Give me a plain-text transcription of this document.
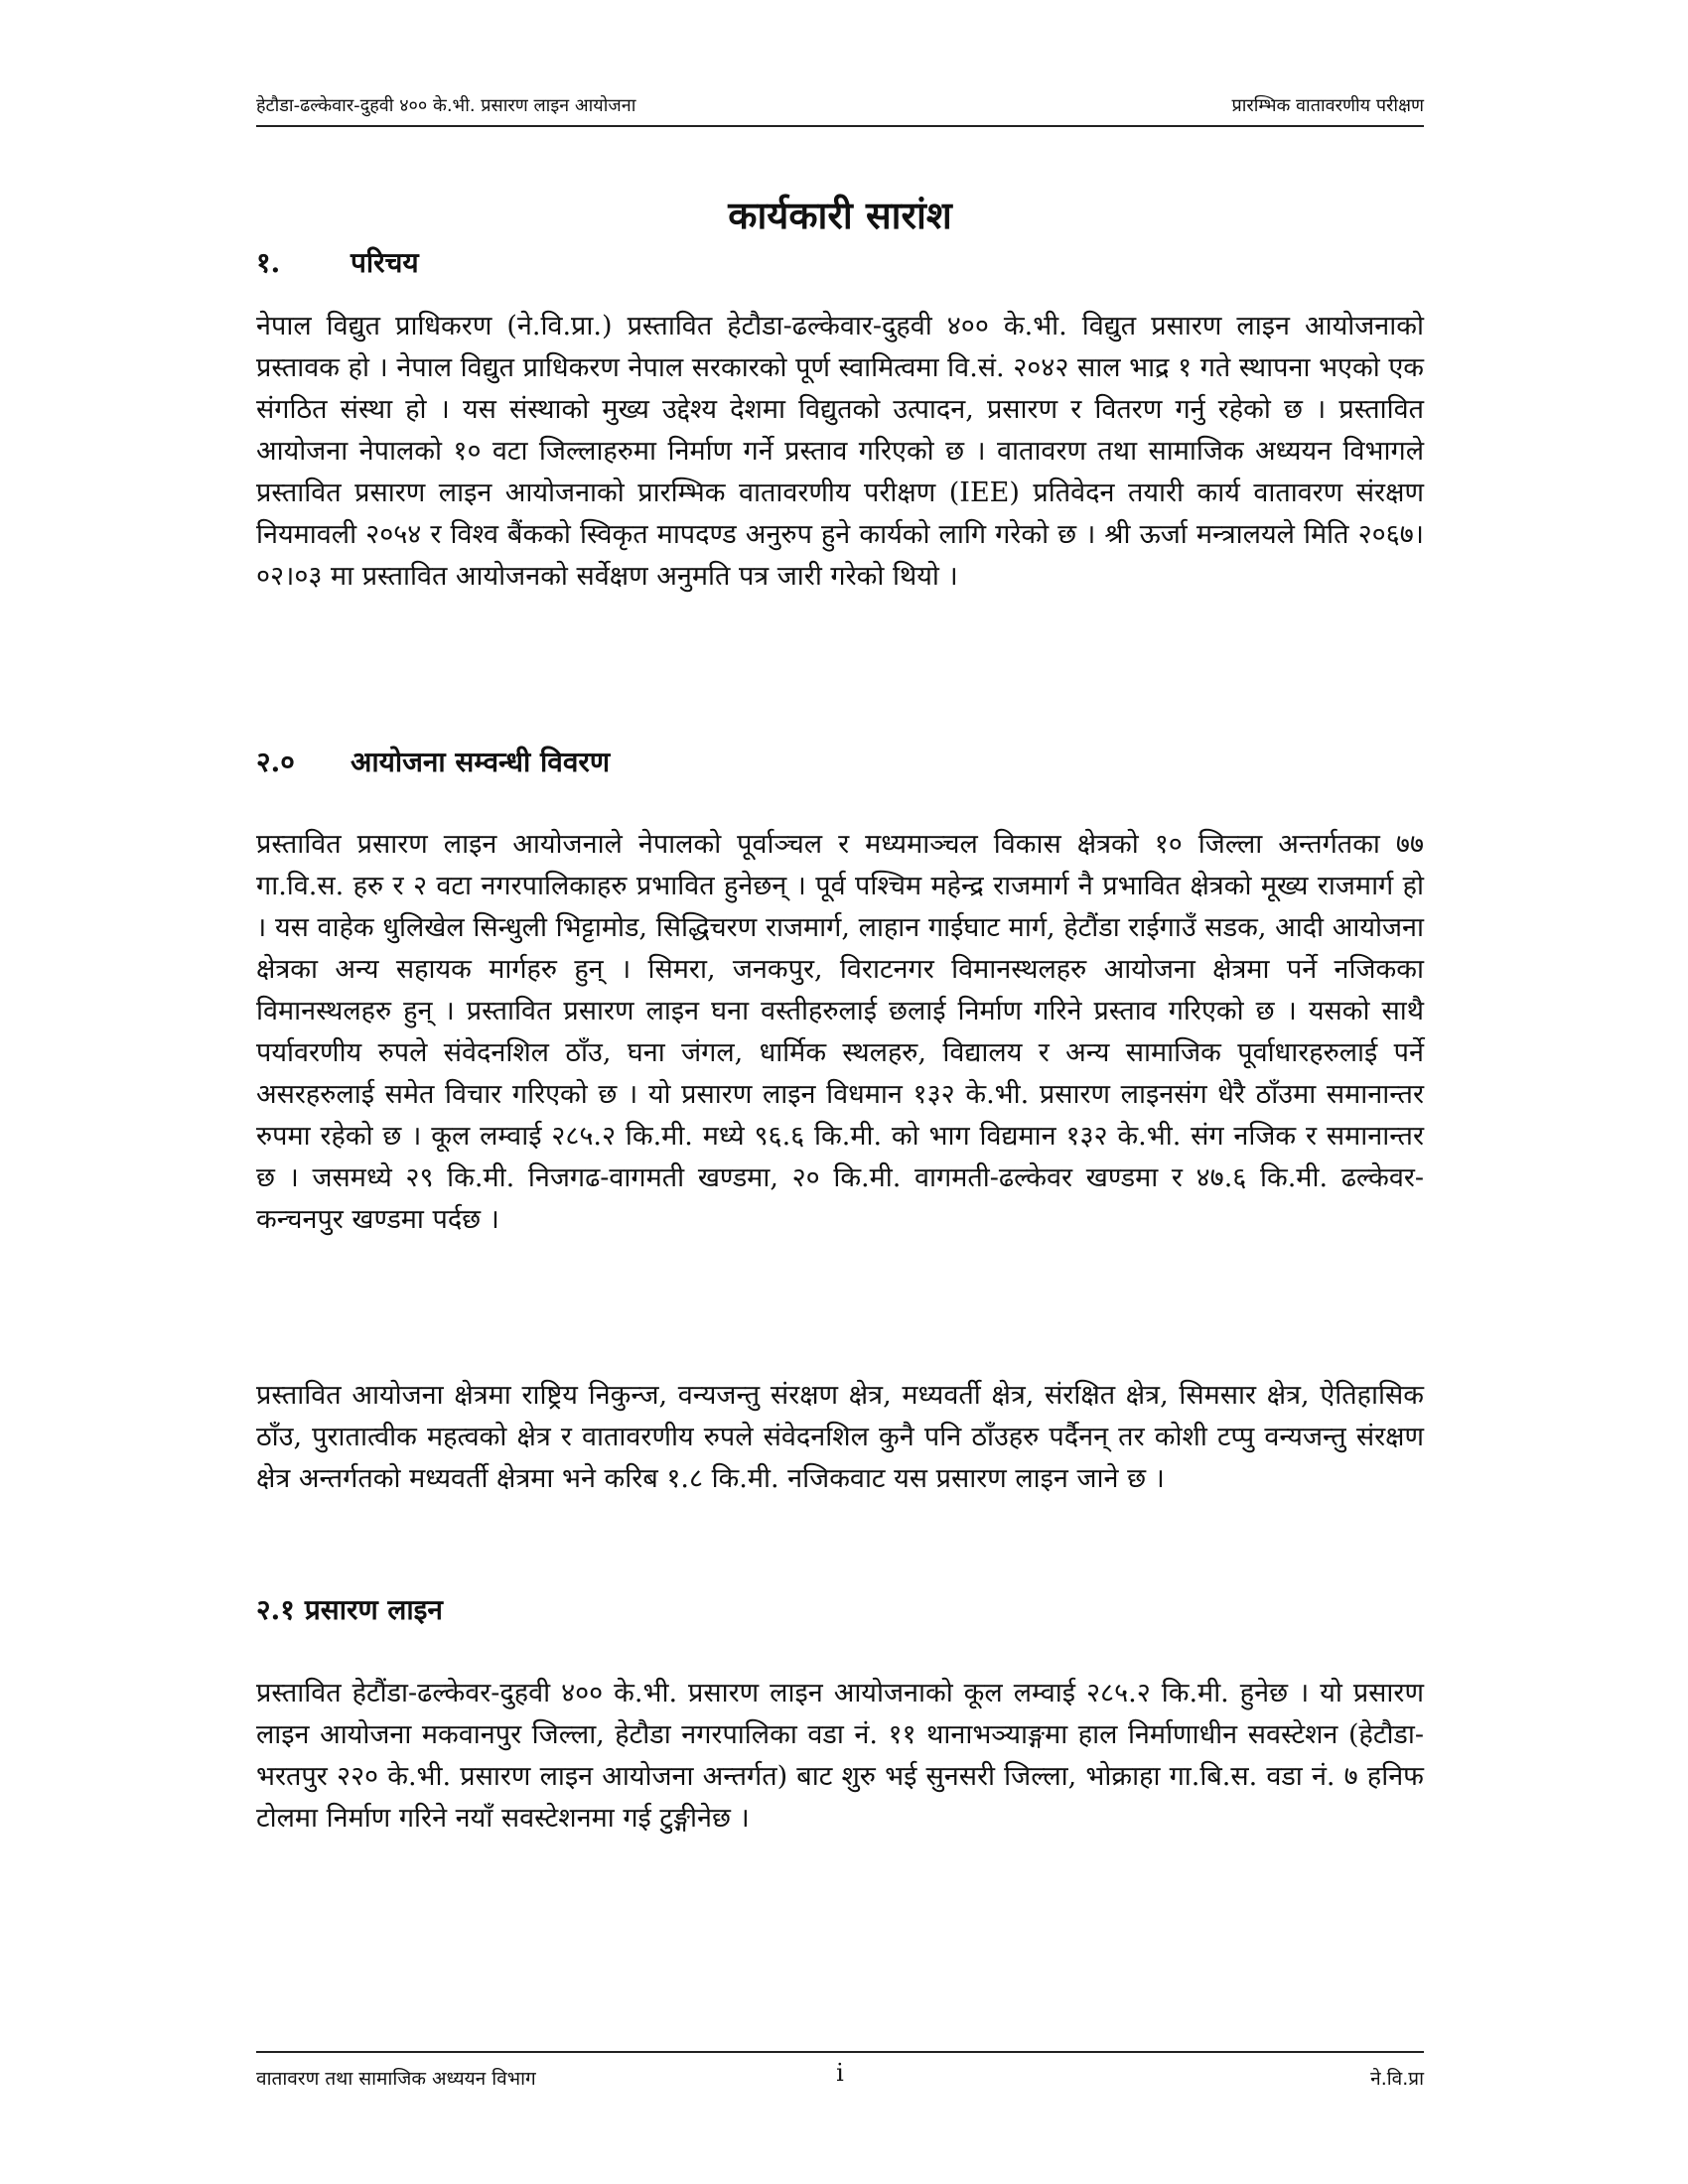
हेटौडा-ढल्केवार-दुहवी ४०० के.भी. प्रसारण लाइन आयोजना	प्रारम्भिक वातावरणीय परीक्षण
कार्यकारी सारांश
१.	परिचय

नेपाल विद्युत प्राधिकरण (ने.वि.प्रा.) प्रस्तावित हेटौडा-ढल्केवार-दुहवी ४०० के.भी. विद्युत प्रसारण लाइन आयोजनाको प्रस्तावक हो । नेपाल विद्युत प्राधिकरण नेपाल सरकारको पूर्ण स्वामित्वमा वि.सं. २०४२ साल भाद्र १ गते स्थापना भएको एक संगठित संस्था हो । यस संस्थाको मुख्य उद्देश्य देशमा विद्युतको उत्पादन, प्रसारण र वितरण गर्नु रहेको छ । प्रस्तावित आयोजना नेपालको १० वटा जिल्लाहरुमा निर्माण गर्ने प्रस्ताव गरिएको छ । वातावरण तथा सामाजिक अध्ययन विभागले प्रस्तावित प्रसारण लाइन आयोजनाको प्रारम्भिक वातावरणीय परीक्षण (IEE) प्रतिवेदन तयारी कार्य वातावरण संरक्षण नियमावली २०५४ र विश्व बैंकको स्विकृत मापदण्ड अनुरुप हुने कार्यको लागि गरेको छ । श्री ऊर्जा मन्त्रालयले मिति २०६७।०२।०३ मा प्रस्तावित आयोजनको सर्वेक्षण अनुमति पत्र जारी गरेको थियो ।

२.० आयोजना सम्वन्धी विवरण

प्रस्तावित प्रसारण लाइन आयोजनाले नेपालको पूर्वाञ्चल र मध्यमाञ्चल विकास क्षेत्रको १० जिल्ला अन्तर्गतका ७७ गा.वि.स. हरु र २ वटा नगरपालिकाहरु प्रभावित हुनेछन् । पूर्व पश्चिम महेन्द्र राजमार्ग नै प्रभावित क्षेत्रको मूख्य राजमार्ग हो । यस वाहेक धुलिखेल सिन्धुली भिट्टामोड, सिद्धिचरण राजमार्ग, लाहान गाईघाट मार्ग, हेटौंडा राईगाउँ सडक, आदी आयोजना क्षेत्रका अन्य सहायक मार्गहरु हुन् । सिमरा, जनकपुर, विराटनगर विमानस्थलहरु आयोजना क्षेत्रमा पर्ने नजिकका विमानस्थलहरु हुन् । प्रस्तावित प्रसारण लाइन घना वस्तीहरुलाई छलाई निर्माण गरिने प्रस्ताव गरिएको छ । यसको साथै पर्यावरणीय रुपले संवेदनशिल ठाँउ, घना जंगल, धार्मिक स्थलहरु, विद्यालय र अन्य सामाजिक पूर्वाधारहरुलाई पर्ने असरहरुलाई समेत विचार गरिएको छ । यो प्रसारण लाइन विधमान १३२ के.भी. प्रसारण लाइनसंग धेरै ठाँउमा समानान्तर रुपमा रहेको छ । कूल लम्वाई २८५.२ कि.मी. मध्ये ९६.६ कि.मी. को भाग विद्यमान १३२ के.भी. संग नजिक र समानान्तर छ । जसमध्ये २९ कि.मी. निजगढ-वागमती खण्डमा, २० कि.मी. वागमती-ढल्केवर खण्डमा र ४७.६ कि.मी. ढल्केवर-कन्चनपुर खण्डमा पर्दछ ।

प्रस्तावित आयोजना क्षेत्रमा राष्ट्रिय निकुन्ज, वन्यजन्तु संरक्षण क्षेत्र, मध्यवर्ती क्षेत्र, संरक्षित क्षेत्र, सिमसार क्षेत्र, ऐतिहासिक ठाँउ, पुरातात्वीक महत्वको क्षेत्र र वातावरणीय रुपले संवेदनशिल कुनै पनि ठाँउहरु पर्दैनन् तर कोशी टप्पु वन्यजन्तु संरक्षण क्षेत्र अन्तर्गतको मध्यवर्ती क्षेत्रमा भने करिब १.८ कि.मी. नजिकवाट यस प्रसारण लाइन जाने छ ।

२.१ प्रसारण लाइन

प्रस्तावित हेटौंडा-ढल्केवर-दुहवी ४०० के.भी. प्रसारण लाइन आयोजनाको कूल लम्वाई २८५.२ कि.मी. हुनेछ । यो प्रसारण लाइन आयोजना मकवानपुर जिल्ला, हेटौडा नगरपालिका वडा नं. ११ थानाभञ्याङ्गमा हाल निर्माणाधीन सवस्टेशन (हेटौडा-भरतपुर २२० के.भी. प्रसारण लाइन आयोजना अन्तर्गत) बाट शुरु भई सुनसरी जिल्ला, भोक्राहा गा.बि.स. वडा नं. ७ हनिफ टोलमा निर्माण गरिने नयाँ सवस्टेशनमा गई टुङ्गीनेछ ।

वातावरण तथा सामाजिक अध्ययन विभाग	i	ने.वि.प्रा
